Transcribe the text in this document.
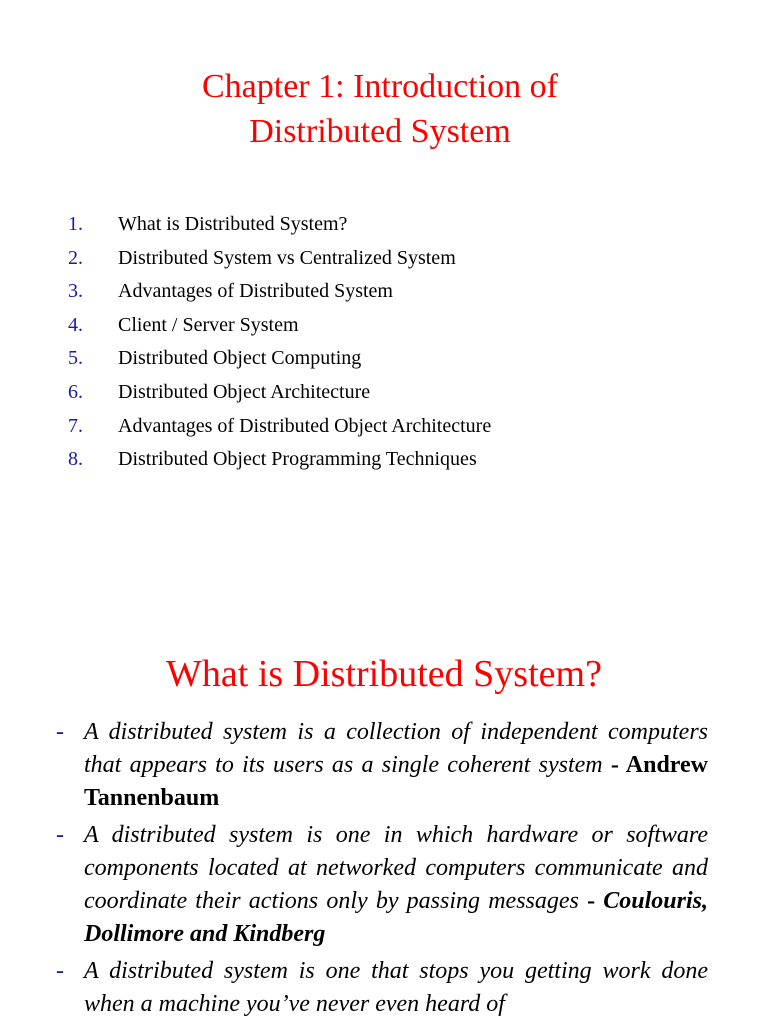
Chapter 1: Introduction of
Distributed System
1. What is Distributed System?
2. Distributed System vs Centralized System
3. Advantages of Distributed System
4. Client / Server System
5. Distributed Object Computing
6. Distributed Object Architecture
7. Advantages of Distributed Object Architecture
8. Distributed Object Programming Techniques
What is Distributed System?
- A distributed system is a collection of independent computers that appears to its users as a single coherent system - Andrew Tannenbaum
- A distributed system is one in which hardware or software components located at networked computers communicate and coordinate their actions only by passing messages - Coulouris, Dollimore and Kindberg
- A distributed system is one that stops you getting work done when a machine you’ve never even heard of
